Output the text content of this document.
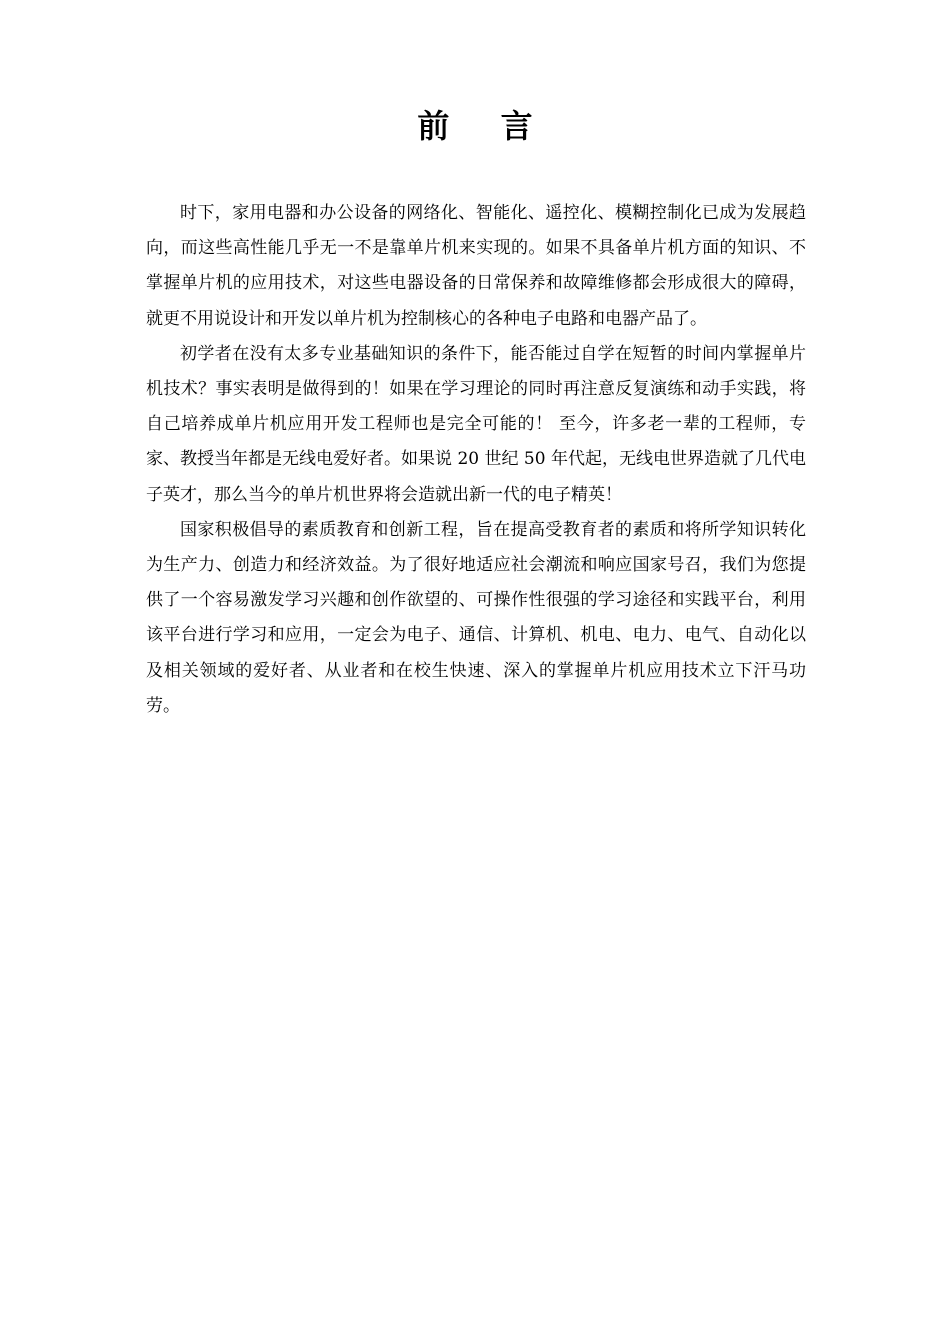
前 言

时下，家用电器和办公设备的网络化、智能化、遥控化、模糊控制化已成为发展趋向，而这些高性能几乎无一不是靠单片机来实现的。如果不具备单片机方面的知识、不掌握单片机的应用技术，对这些电器设备的日常保养和故障维修都会形成很大的障碍，就更不用说设计和开发以单片机为控制核心的各种电子电路和电器产品了。

初学者在没有太多专业基础知识的条件下，能否能过自学在短暂的时间内掌握单片机技术？事实表明是做得到的！如果在学习理论的同时再注意反复演练和动手实践，将自己培养成单片机应用开发工程师也是完全可能的！ 至今，许多老一辈的工程师，专家、教授当年都是无线电爱好者。如果说 20 世纪 50 年代起，无线电世界造就了几代电子英才，那么当今的单片机世界将会造就出新一代的电子精英！

国家积极倡导的素质教育和创新工程，旨在提高受教育者的素质和将所学知识转化为生产力、创造力和经济效益。为了很好地适应社会潮流和响应国家号召，我们为您提供了一个容易激发学习兴趣和创作欲望的、可操作性很强的学习途径和实践平台，利用该平台进行学习和应用，一定会为电子、通信、计算机、机电、电力、电气、自动化以及相关领域的爱好者、从业者和在校生快速、深入的掌握单片机应用技术立下汗马功劳。
